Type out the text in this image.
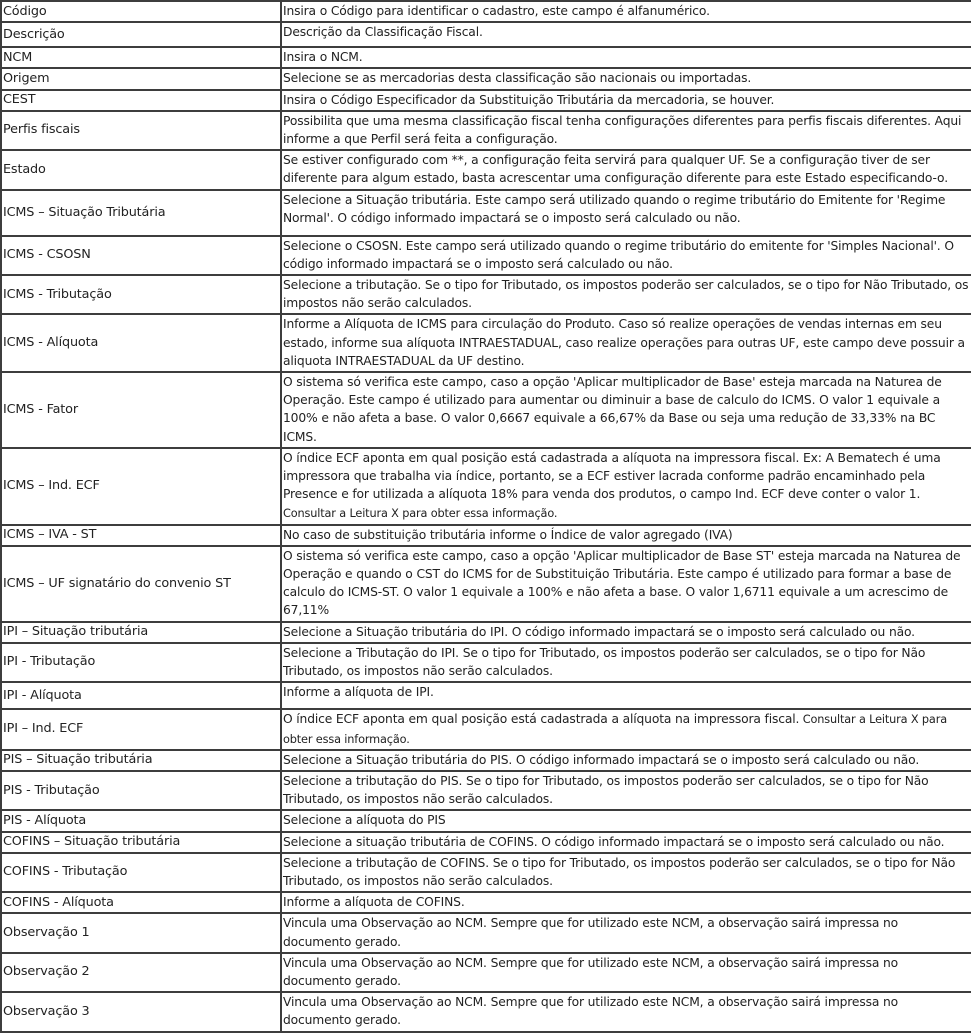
Código	Insira o Código para identificar o cadastro, este campo é alfanumérico.
Descrição	Descrição da Classificação Fiscal.
NCM	Insira o NCM.
Origem	Selecione se as mercadorias desta classificação são nacionais ou importadas.
CEST	Insira o Código Especificador da Substituição Tributária da mercadoria, se houver.
Perfis fiscais	Possibilita que uma mesma classificação fiscal tenha configurações diferentes para perfis fiscais diferentes. Aqui informe a que Perfil será feita a configuração.
Estado	Se estiver configurado com **, a configuração feita servirá para qualquer UF. Se a configuração tiver de ser diferente para algum estado, basta acrescentar uma configuração diferente para este Estado especificando-o.
ICMS – Situação Tributária	Selecione a Situação tributária. Este campo será utilizado quando o regime tributário do Emitente for 'Regime Normal'. O código informado impactará se o imposto será calculado ou não.
ICMS - CSOSN	Selecione o CSOSN. Este campo será utilizado quando o regime tributário do emitente for 'Simples Nacional'. O código informado impactará se o imposto será calculado ou não.
ICMS - Tributação	Selecione a tributação. Se o tipo for Tributado, os impostos poderão ser calculados, se o tipo for Não Tributado, os impostos não serão calculados.
ICMS - Alíquota	Informe a Alíquota de ICMS para circulação do Produto. Caso só realize operações de vendas internas em seu estado, informe sua alíquota INTRAESTADUAL, caso realize operações para outras UF, este campo deve possuir a aliquota INTRAESTADUAL da UF destino.
ICMS - Fator	O sistema só verifica este campo, caso a opção 'Aplicar multiplicador de Base' esteja marcada na Naturea de Operação. Este campo é utilizado para aumentar ou diminuir a base de calculo do ICMS. O valor 1 equivale a 100% e não afeta a base. O valor 0,6667 equivale a 66,67% da Base ou seja uma redução de 33,33% na BC ICMS.
ICMS – Ind. ECF	O índice ECF aponta em qual posição está cadastrada a alíquota na impressora fiscal. Ex: A Bematech é uma impressora que trabalha via índice, portanto, se a ECF estiver lacrada conforme padrão encaminhado pela Presence e for utilizada a alíquota 18% para venda dos produtos, o campo Ind. ECF deve conter o valor 1. Consultar a Leitura X para obter essa informação.
ICMS – IVA - ST	No caso de substituição tributária informe o Índice de valor agregado (IVA)
ICMS – UF signatário do convenio ST	O sistema só verifica este campo, caso a opção 'Aplicar multiplicador de Base ST' esteja marcada na Naturea de Operação e quando o CST do ICMS for de Substituição Tributária. Este campo é utilizado para formar a base de calculo do ICMS-ST. O valor 1 equivale a 100% e não afeta a base. O valor 1,6711 equivale a um acrescimo de 67,11%
IPI – Situação tributária	Selecione a Situação tributária do IPI. O código informado impactará se o imposto será calculado ou não.
IPI - Tributação	Selecione a Tributação do IPI. Se o tipo for Tributado, os impostos poderão ser calculados, se o tipo for Não Tributado, os impostos não serão calculados.
IPI - Alíquota	Informe a alíquota de IPI.
IPI – Ind. ECF	O índice ECF aponta em qual posição está cadastrada a alíquota na impressora fiscal. Consultar a Leitura X para obter essa informação.
PIS – Situação tributária	Selecione a Situação tributária do PIS. O código informado impactará se o imposto será calculado ou não.
PIS - Tributação	Selecione a tributação do PIS. Se o tipo for Tributado, os impostos poderão ser calculados, se o tipo for Não Tributado, os impostos não serão calculados.
PIS - Alíquota	Selecione a alíquota do PIS
COFINS – Situação tributária	Selecione a situação tributária de COFINS. O código informado impactará se o imposto será calculado ou não.
COFINS - Tributação	Selecione a tributação de COFINS. Se o tipo for Tributado, os impostos poderão ser calculados, se o tipo for Não Tributado, os impostos não serão calculados.
COFINS - Alíquota	Informe a alíquota de COFINS.
Observação 1	Vincula uma Observação ao NCM. Sempre que for utilizado este NCM, a observação sairá impressa no documento gerado.
Observação 2	Vincula uma Observação ao NCM. Sempre que for utilizado este NCM, a observação sairá impressa no documento gerado.
Observação 3	Vincula uma Observação ao NCM. Sempre que for utilizado este NCM, a observação sairá impressa no documento gerado.
